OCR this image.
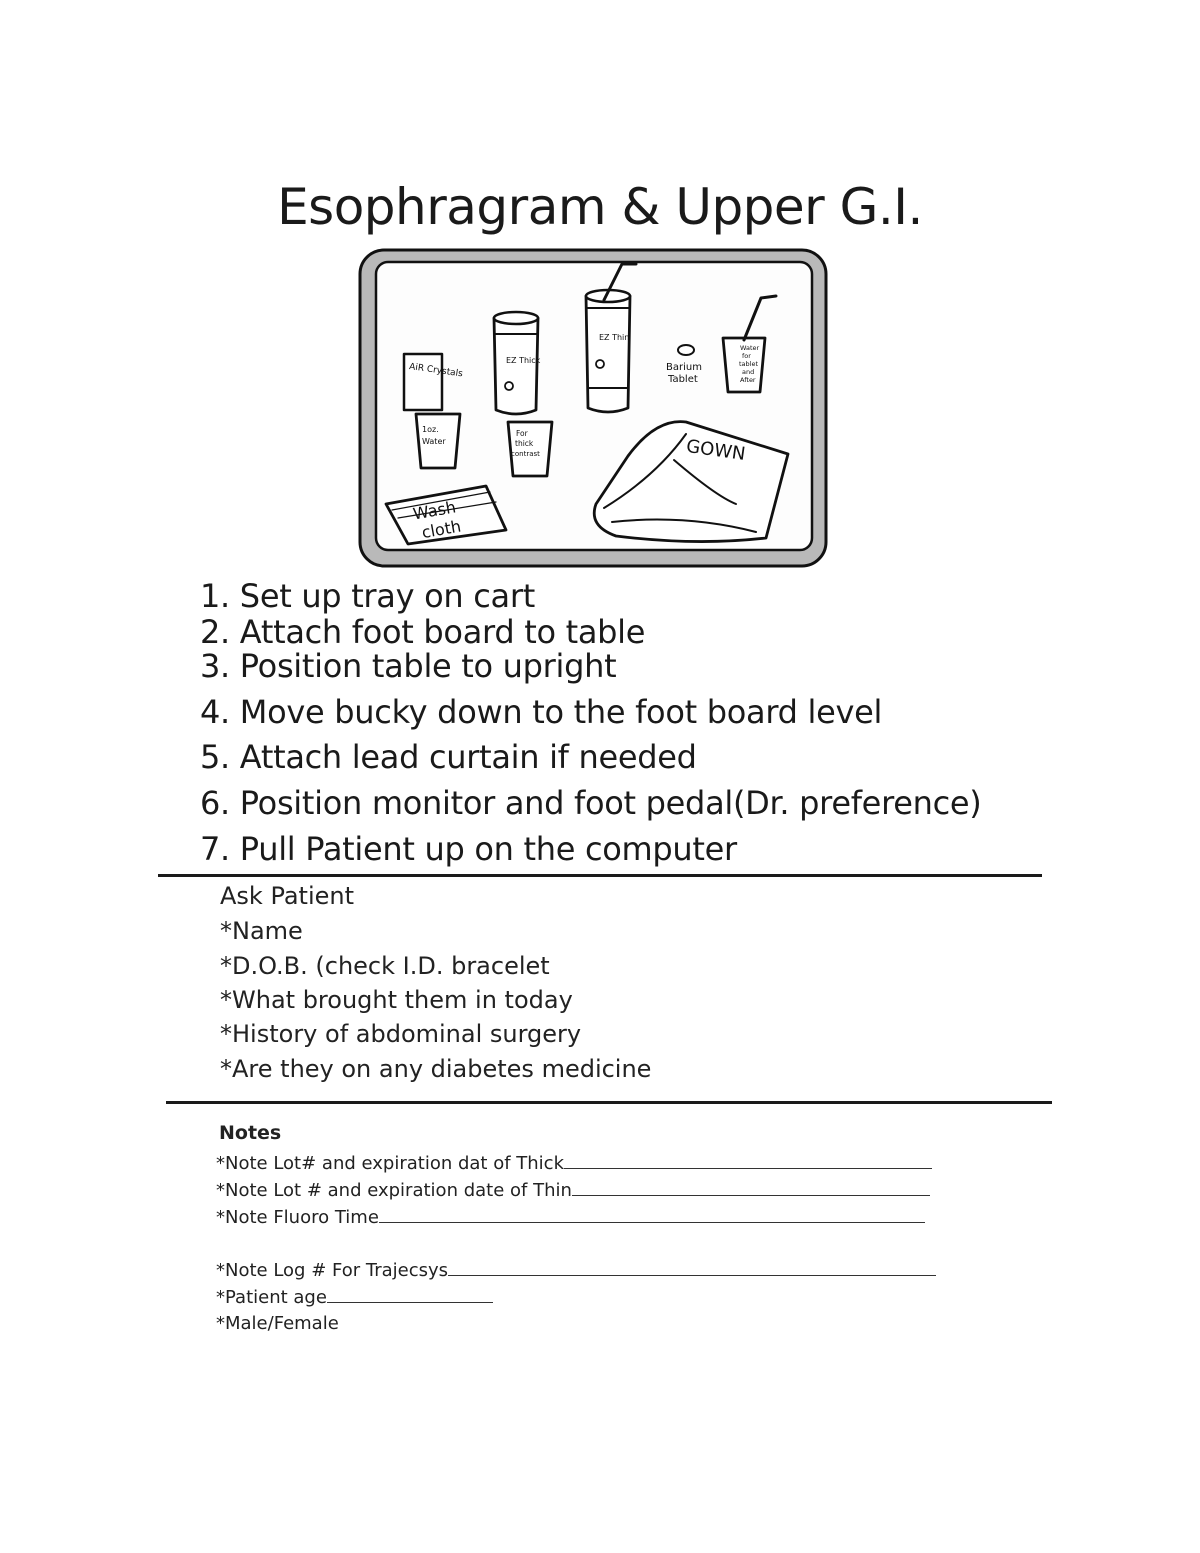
Esophragram & Upper G.I.
AiR Crystals
EZ Thick
EZ Thin
Barium
Tablet
Water
for
tablet
and
After
1oz.
Water
For
thick
contrast	GOWN
Wash
cloth
1. Set up tray on cart
2. Attach foot board to table
3. Position table to upright
4. Move bucky down to the foot board level
5. Attach lead curtain if needed
6. Position monitor and foot pedal(Dr. preference)
7. Pull Patient up on the computer
Ask Patient
*Name
*D.O.B. (check I.D. bracelet
*What brought them in today
*History of abdominal surgery
*Are they on any diabetes medicine
Notes
*Note Lot# and expiration dat of Thick
*Note Lot # and expiration date of Thin
*Note Fluoro Time
*Note Log # For Trajecsys
*Patient age
*Male/Female
